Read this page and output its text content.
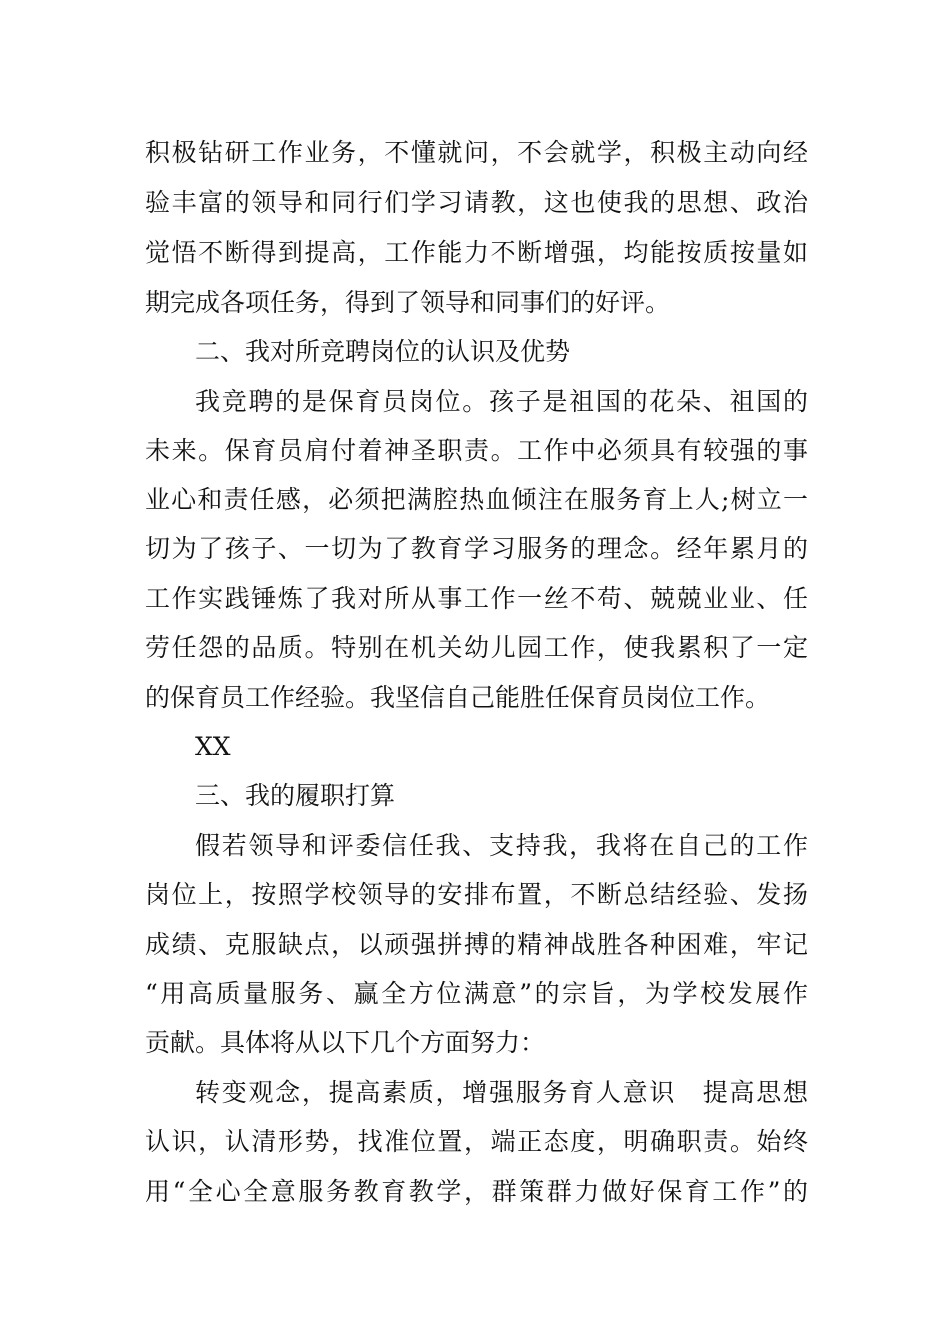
积极钻研工作业务，不懂就问，不会就学，积极主动向经
验丰富的领导和同行们学习请教，这也使我的思想、政治
觉悟不断得到提高，工作能力不断增强，均能按质按量如
期完成各项任务，得到了领导和同事们的好评。
二、我对所竞聘岗位的认识及优势
我竞聘的是保育员岗位。孩子是祖国的花朵、祖国的
未来。保育员肩付着神圣职责。工作中必须具有较强的事
业心和责任感，必须把满腔热血倾注在服务育上人;树立一
切为了孩子、一切为了教育学习服务的理念。经年累月的
工作实践锤炼了我对所从事工作一丝不苟、兢兢业业、任
劳任怨的品质。特别在机关幼儿园工作，使我累积了一定
的保育员工作经验。我坚信自己能胜任保育员岗位工作。
XX
三、我的履职打算
假若领导和评委信任我、支持我，我将在自己的工作
岗位上，按照学校领导的安排布置，不断总结经验、发扬
成绩、克服缺点，以顽强拼搏的精神战胜各种困难，牢记
“用高质量服务、赢全方位满意”的宗旨，为学校发展作
贡献。具体将从以下几个方面努力：
转变观念，提高素质，增强服务育人意识　提高思想
认识，认清形势，找准位置，端正态度，明确职责。始终
用“全心全意服务教育教学，群策群力做好保育工作”的
